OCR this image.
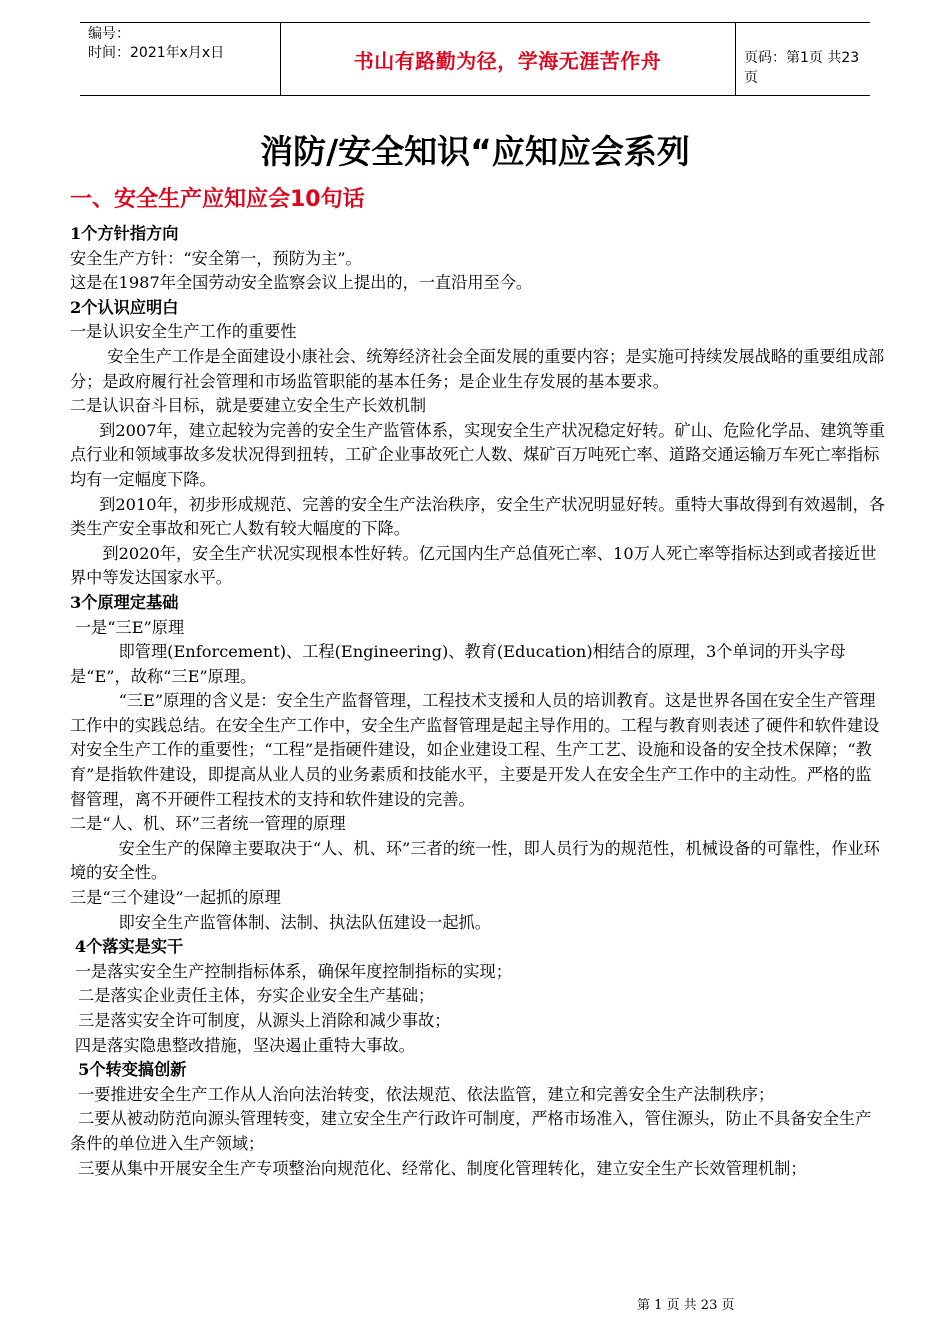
编号：
时间：2021年x月x日	书山有路勤为径，学海无涯苦作舟	页码：第1页 共23页
消防/安全知识“应知应会系列
一、安全生产应知应会10句话

1个方针指方向

安全生产方针：“安全第一，预防为主”。

这是在1987年全国劳动安全监察会议上提出的，一直沿用至今。

2个认识应明白

一是认识安全生产工作的重要性

安全生产工作是全面建设小康社会、统筹经济社会全面发展的重要内容；是实施可持续发展战略的重要组成部分；是政府履行社会管理和市场监管职能的基本任务；是企业生存发展的基本要求。

二是认识奋斗目标，就是要建立安全生产长效机制

到2007年，建立起较为完善的安全生产监管体系，实现安全生产状况稳定好转。矿山、危险化学品、建筑等重点行业和领域事故多发状况得到扭转，工矿企业事故死亡人数、煤矿百万吨死亡率、道路交通运输万车死亡率指标均有一定幅度下降。

到2010年，初步形成规范、完善的安全生产法治秩序，安全生产状况明显好转。重特大事故得到有效遏制，各类生产安全事故和死亡人数有较大幅度的下降。

到2020年，安全生产状况实现根本性好转。亿元国内生产总值死亡率、10万人死亡率等指标达到或者接近世界中等发达国家水平。

3个原理定基础

一是“三E”原理

即管理(Enforcement)、工程(Engineering)、教育(Education)相结合的原理，3个单词的开头字母是“E”，故称“三E”原理。

“三E”原理的含义是：安全生产监督管理，工程技术支援和人员的培训教育。这是世界各国在安全生产管理工作中的实践总结。在安全生产工作中，安全生产监督管理是起主导作用的。工程与教育则表述了硬件和软件建设对安全生产工作的重要性；“工程”是指硬件建设，如企业建设工程、生产工艺、设施和设备的安全技术保障；“教育”是指软件建设，即提高从业人员的业务素质和技能水平，主要是开发人在安全生产工作中的主动性。严格的监督管理，离不开硬件工程技术的支持和软件建设的完善。

二是“人、机、环”三者统一管理的原理

安全生产的保障主要取决于“人、机、环”三者的统一性，即人员行为的规范性，机械设备的可靠性，作业环境的安全性。

三是“三个建设”一起抓的原理

即安全生产监管体制、法制、执法队伍建设一起抓。

4个落实是实干

一是落实安全生产控制指标体系，确保年度控制指标的实现；

二是落实企业责任主体，夯实企业安全生产基础；

三是落实安全许可制度，从源头上消除和减少事故；

四是落实隐患整改措施，坚决遏止重特大事故。

5个转变搞创新

一要推进安全生产工作从人治向法治转变，依法规范、依法监管，建立和完善安全生产法制秩序；

二要从被动防范向源头管理转变，建立安全生产行政许可制度，严格市场准入，管住源头，防止不具备安全生产条件的单位进入生产领域；

三要从集中开展安全生产专项整治向规范化、经常化、制度化管理转化，建立安全生产长效管理机制；

第 1 页 共 23 页
